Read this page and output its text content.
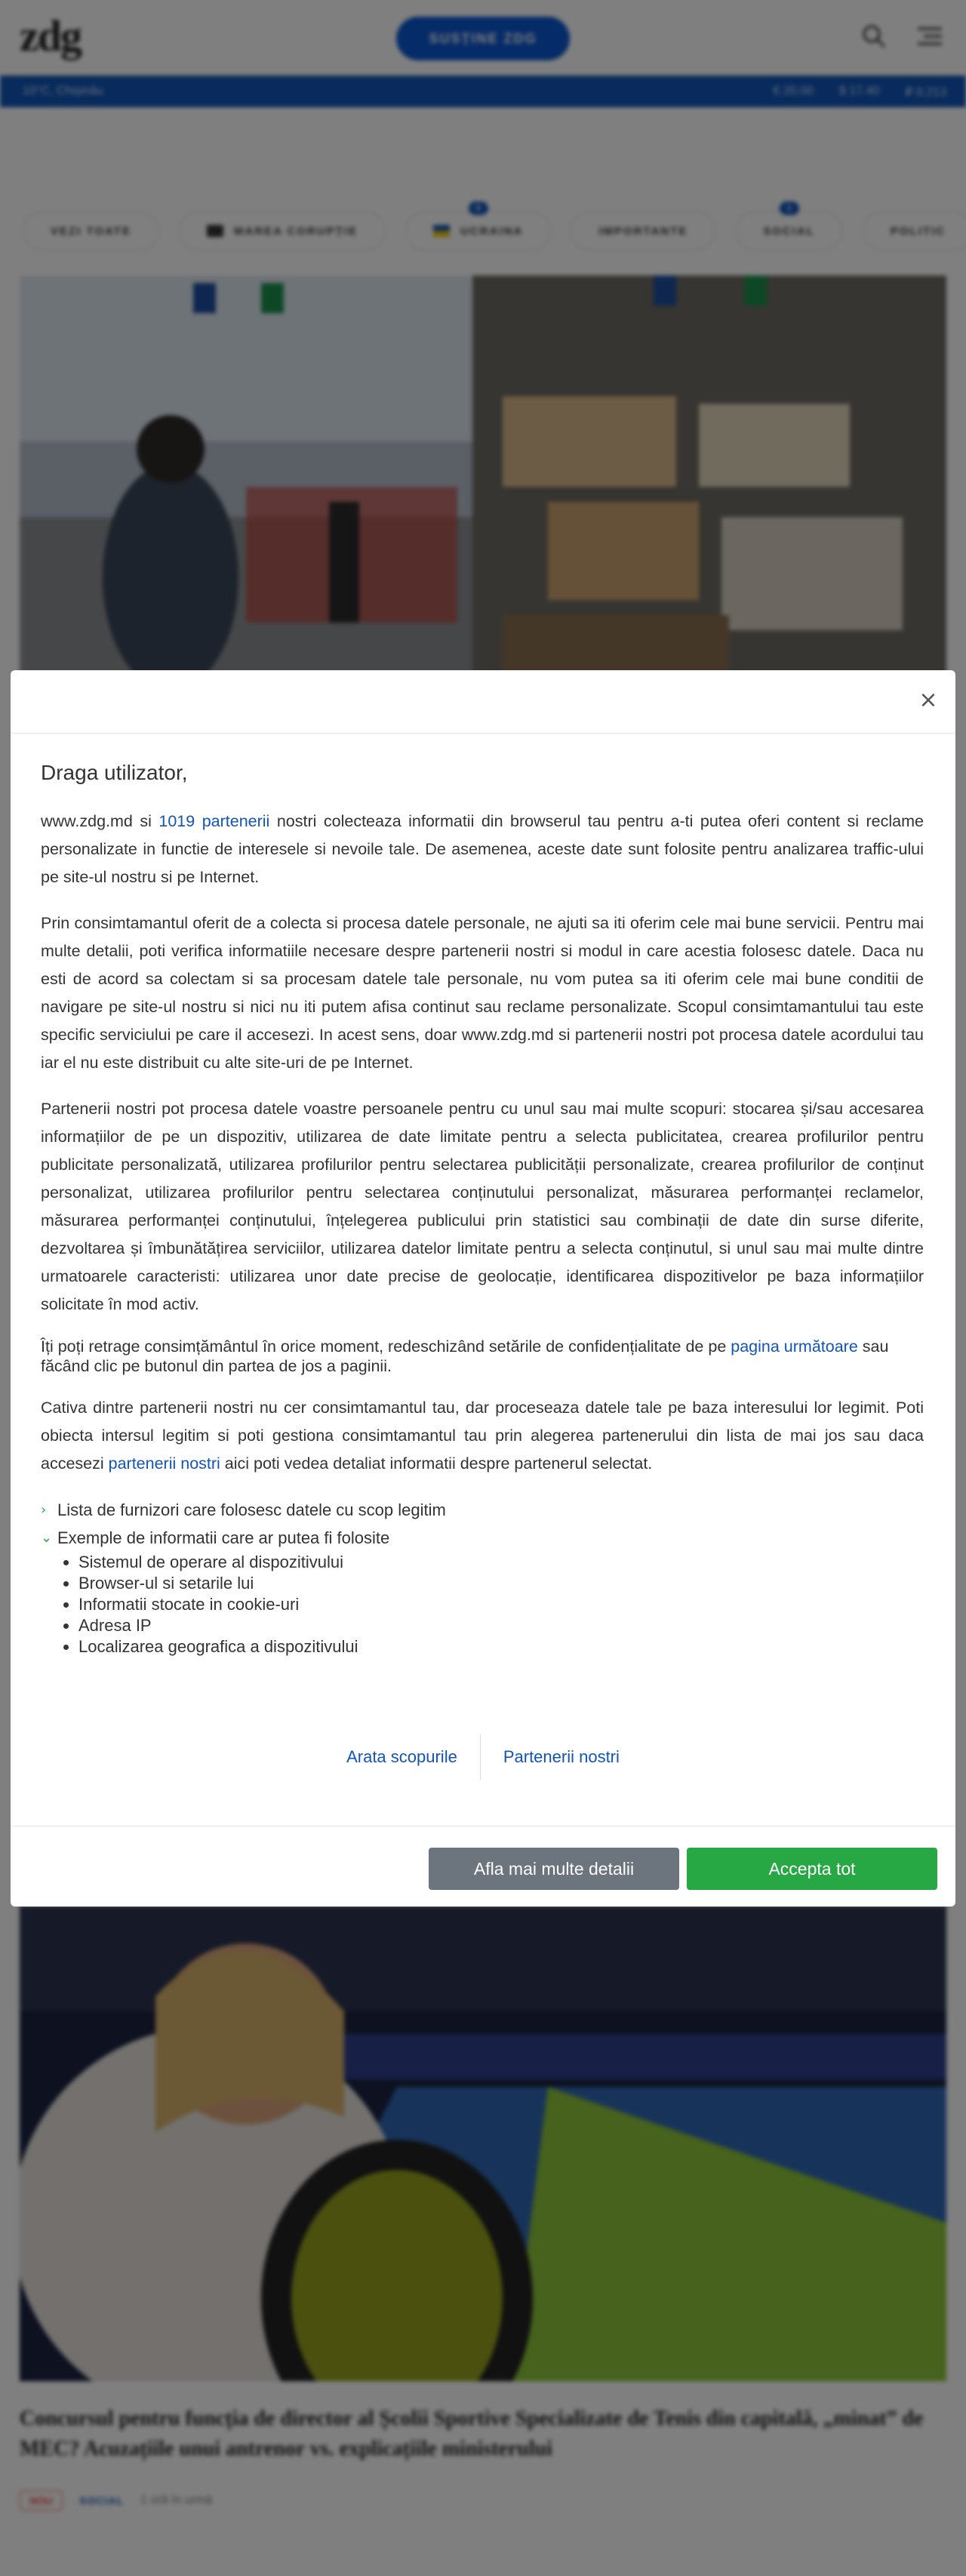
×
Draga utilizator,

www.zdg.md si 1019 partenerii nostri colecteaza informatii din browserul tau pentru a-ti putea oferi content si reclame personalizate in functie de interesele si nevoile tale. De asemenea, aceste date sunt folosite pentru analizarea traffic-ului pe site-ul nostru si pe Internet.

Prin consimtamantul oferit de a colecta si procesa datele personale, ne ajuti sa iti oferim cele mai bune servicii. Pentru mai multe detalii, poti verifica informatiile necesare despre partenerii nostri si modul in care acestia folosesc datele. Daca nu esti de acord sa colectam si sa procesam datele tale personale, nu vom putea sa iti oferim cele mai bune conditii de navigare pe site-ul nostru si nici nu iti putem afisa continut sau reclame personalizate. Scopul consimtamantului tau este specific serviciului pe care il accesezi. In acest sens, doar www.zdg.md si partenerii nostri pot procesa datele acordului tau iar el nu este distribuit cu alte site-uri de pe Internet.

Partenerii nostri pot procesa datele voastre persoanele pentru cu unul sau mai multe scopuri: stocarea și/sau accesarea informațiilor de pe un dispozitiv, utilizarea de date limitate pentru a selecta publicitatea, crearea profilurilor pentru publicitate personalizată, utilizarea profilurilor pentru selectarea publicității personalizate, crearea profilurilor de conținut personalizat, utilizarea profilurilor pentru selectarea conținutului personalizat, măsurarea performanței reclamelor, măsurarea performanței conținutului, înțelegerea publicului prin statistici sau combinații de date din surse diferite, dezvoltarea și îmbunătățirea serviciilor, utilizarea datelor limitate pentru a selecta conținutul, si unul sau mai multe dintre urmatoarele caracteristi: utilizarea unor date precise de geolocație, identificarea dispozitivelor pe baza informațiilor solicitate în mod activ.

Îți poți retrage consimțământul în orice moment, redeschizând setările de confidențialitate de pe pagina următoare sau făcând clic pe butonul din partea de jos a paginii.

Cativa dintre partenerii nostri nu cer consimtamantul tau, dar proceseaza datele tale pe baza interesului lor legimit. Poti obiecta intersul legitim si poti gestiona consimtamantul tau prin alegerea partenerului din lista de mai jos sau daca accesezi partenerii nostri aici poti vedea detaliat informatii despre partenerul selectat.

› Lista de furnizori care folosesc datele cu scop legitim
⌄ Exemple de informatii care ar putea fi folosite
• Sistemul de operare al dispozitivului
• Browser-ul si setarile lui
• Informatii stocate in cookie-uri
• Adresa IP
• Localizarea geografica a dispozitivului
Arata scopurile	Partenerii nostri
Afla mai multe detalii	Accepta tot
